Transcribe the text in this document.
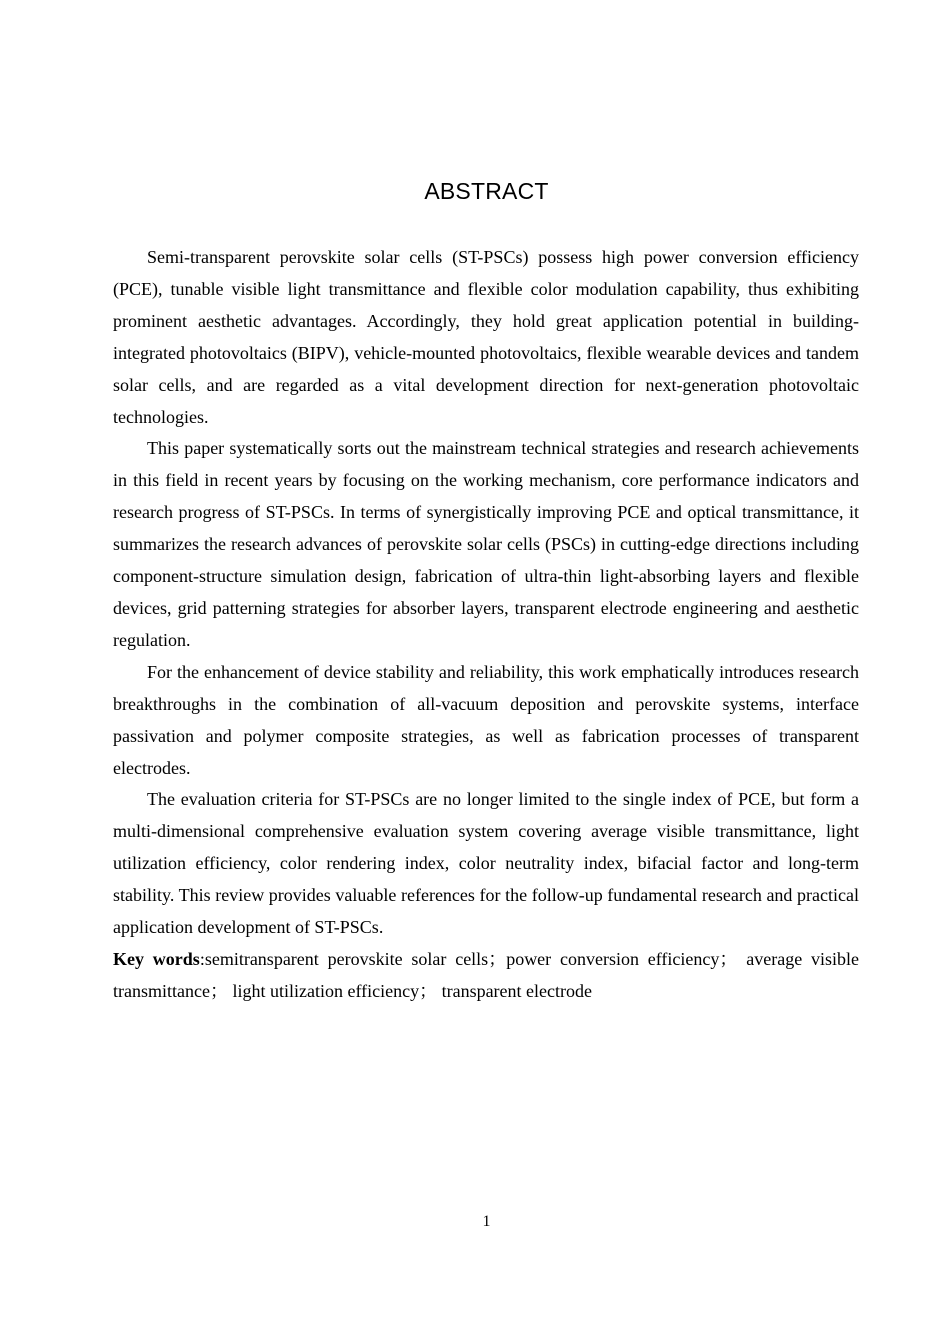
ABSTRACT

Semi-transparent perovskite solar cells (ST-PSCs) possess high power conversion efficiency (PCE), tunable visible light transmittance and flexible color modulation capability, thus exhibiting prominent aesthetic advantages. Accordingly, they hold great application potential in building-integrated photovoltaics (BIPV), vehicle-mounted photovoltaics, flexible wearable devices and tandem solar cells, and are regarded as a vital development direction for next-generation photovoltaic technologies.

This paper systematically sorts out the mainstream technical strategies and research achievements in this field in recent years by focusing on the working mechanism, core performance indicators and research progress of ST-PSCs. In terms of synergistically improving PCE and optical transmittance, it summarizes the research advances of perovskite solar cells (PSCs) in cutting-edge directions including component-structure simulation design, fabrication of ultra-thin light-absorbing layers and flexible devices, grid patterning strategies for absorber layers, transparent electrode engineering and aesthetic regulation.

For the enhancement of device stability and reliability, this work emphatically introduces research breakthroughs in the combination of all-vacuum deposition and perovskite systems, interface passivation and polymer composite strategies, as well as fabrication processes of transparent electrodes.

The evaluation criteria for ST-PSCs are no longer limited to the single index of PCE, but form a multi-dimensional comprehensive evaluation system covering average visible transmittance, light utilization efficiency, color rendering index, color neutrality index, bifacial factor and long-term stability. This review provides valuable references for the follow-up fundamental research and practical application development of ST-PSCs.

Key words:semitransparent perovskite solar cells；power conversion efficiency； average visible transmittance； light utilization efficiency； transparent electrode
1
